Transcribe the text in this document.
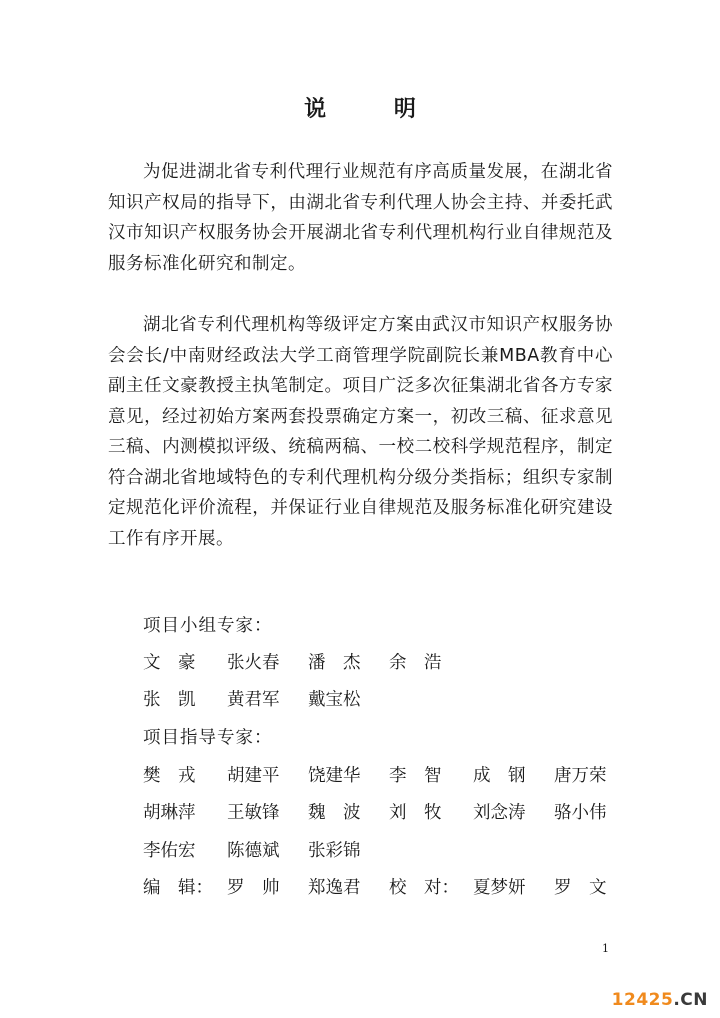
说 明

为促进湖北省专利代理行业规范有序高质量发展，在湖北省知识产权局的指导下，由湖北省专利代理人协会主持、并委托武汉市知识产权服务协会开展湖北省专利代理机构行业自律规范及服务标准化研究和制定。

湖北省专利代理机构等级评定方案由武汉市知识产权服务协会会长/中南财经政法大学工商管理学院副院长兼MBA教育中心副主任文豪教授主执笔制定。项目广泛多次征集湖北省各方专家意见，经过初始方案两套投票确定方案一，初改三稿、征求意见三稿、内测模拟评级、统稿两稿、一校二校科学规范程序，制定符合湖北省地域特色的专利代理机构分级分类指标；组织专家制定规范化评价流程，并保证行业自律规范及服务标准化研究建设工作有序开展。

项目小组专家：
文　豪 张火春 潘　杰 余　浩
张　凯 黄君军 戴宝松
项目指导专家：
樊　戎 胡建平 饶建华 李　智 成　钢 唐万荣
胡琳萍 王敏锋 魏　波 刘　牧 刘念涛 骆小伟
李佑宏 陈德斌 张彩锦
编　辑： 罗　帅 郑逸君 校　对： 夏梦妍 罗　文
1
12425.CN
